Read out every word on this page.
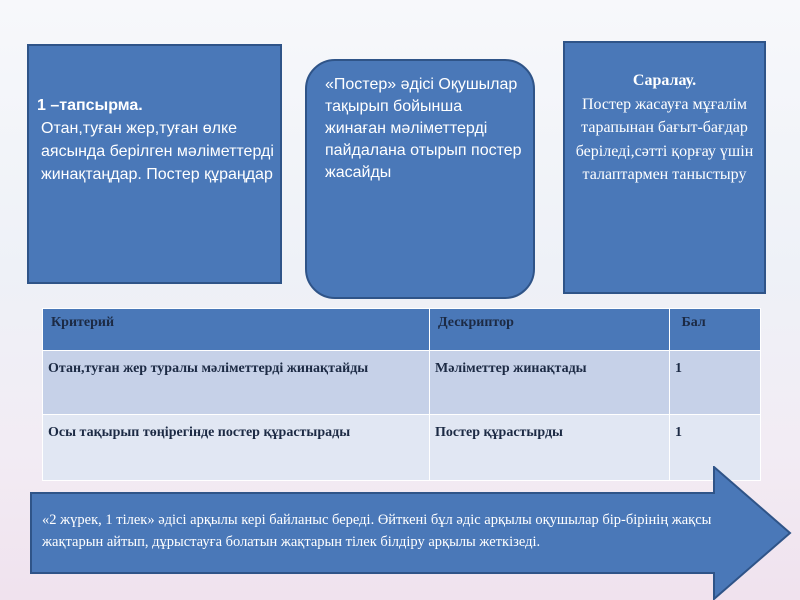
1 –тапсырма.
Отан,туған жер,туған өлке аясында берілген мәліметтерді жинақтаңдар. Постер құраңдар
«Постер» әдісі Оқушылар тақырып бойынша жинаған мәліметтерді пайдалана отырып постер жасайды
Саралау.
Постер жасауға мұғалім тарапынан бағыт-бағдар беріледі,сәтті қорғау үшін талаптармен таныстыру
Критерий	Дескриптор	Бал
Отан,туған жер туралы мәліметтерді жинақтайды	Мәліметтер жинақтады	1
Осы тақырып төңірегінде постер құрастырады	Постер құрастырды	1
«2 жүрек, 1 тілек» әдісі арқылы кері байланыс береді. Өйткені бұл әдіс арқылы оқушылар бір-бірінің жақсы жақтарын айтып, дұрыстауға болатын жақтарын тілек білдіру арқылы жеткізеді.
